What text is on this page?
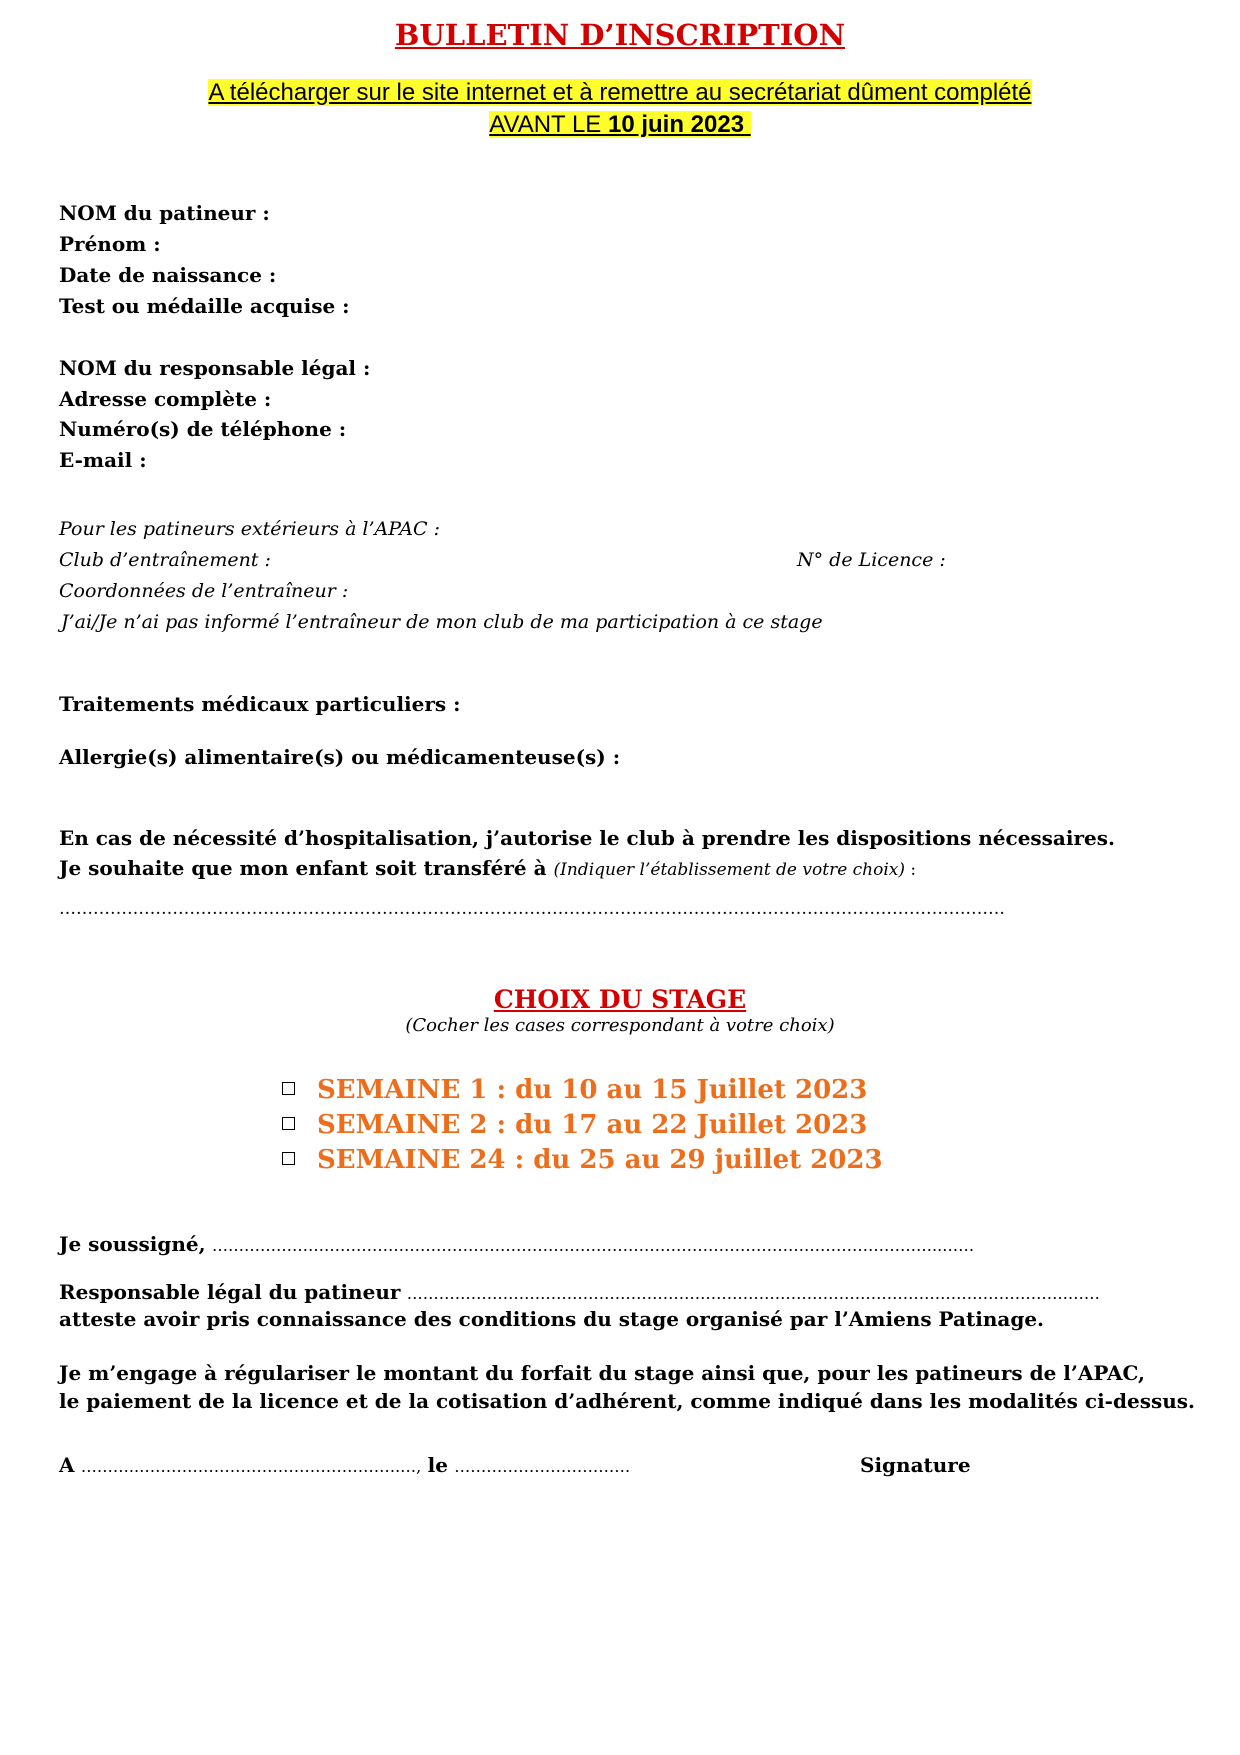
BULLETIN D’INSCRIPTION
A télécharger sur le site internet et à remettre au secrétariat dûment complété
AVANT LE 10 juin 2023
NOM du patineur :
Prénom :
Date de naissance :
Test ou médaille acquise :
NOM du responsable légal :
Adresse complète :
Numéro(s) de téléphone :
E-mail :
Pour les patineurs extérieurs à l’APAC :
Club d’entraînement :	N° de Licence :
Coordonnées de l’entraîneur :
J’ai/Je n’ai pas informé l’entraîneur de mon club de ma participation à ce stage
Traitements médicaux particuliers :
Allergie(s) alimentaire(s) ou médicamenteuse(s) :
En cas de nécessité d’hospitalisation, j’autorise le club à prendre les dispositions nécessaires.
Je souhaite que mon enfant soit transféré à (Indiquer l’établissement de votre choix) :
…………………………………………………………………………………………………………………………………………….…….
CHOIX DU STAGE
(Cocher les cases correspondant à votre choix)
SEMAINE 1 : du 10 au 15 Juillet 2023
SEMAINE 2 : du 17 au 22 Juillet 2023
SEMAINE 24 : du 25 au 29 juillet 2023
Je soussigné, ………………………………………………………………………………………………………………………..……
Responsable légal du patineur …………………………………………………………………………………………………………….……
atteste avoir pris connaissance des conditions du stage organisé par l’Amiens Patinage.
Je m’engage à régulariser le montant du forfait du stage ainsi que, pour les patineurs de l’APAC,
le paiement de la licence et de la cotisation d’adhérent, comme indiqué dans les modalités ci-dessus.
A ………..………………………………………….…, le ……………………………	Signature
